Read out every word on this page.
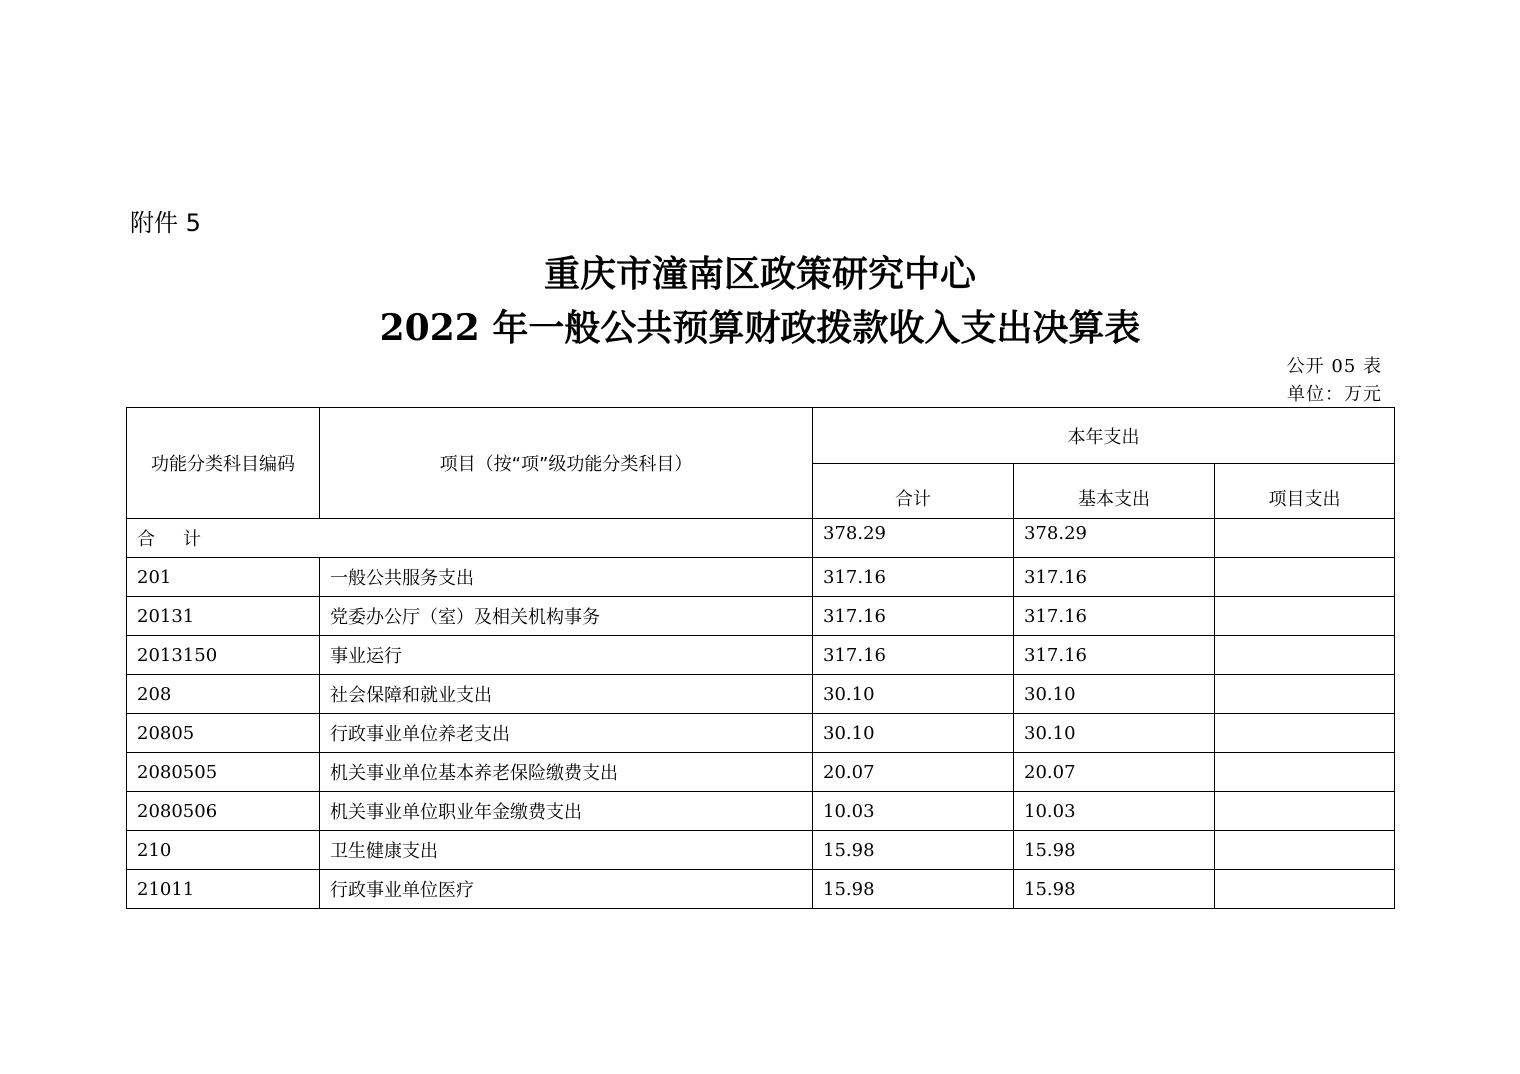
附件 5
重庆市潼南区政策研究中心
2022 年一般公共预算财政拨款收入支出决算表
公开 05 表
单位：万元
功能分类科目编码	项目（按“项”级功能分类科目）	本年支出		
		合计	基本支出	项目支出
合 计		378.29	378.29	
201	一般公共服务支出	317.16	317.16	
20131	党委办公厅（室）及相关机构事务	317.16	317.16	
2013150	事业运行	317.16	317.16	
208	社会保障和就业支出	30.10	30.10	
20805	行政事业单位养老支出	30.10	30.10	
2080505	机关事业单位基本养老保险缴费支出	20.07	20.07	
2080506	机关事业单位职业年金缴费支出	10.03	10.03	
210	卫生健康支出	15.98	15.98	
21011	行政事业单位医疗	15.98	15.98	
